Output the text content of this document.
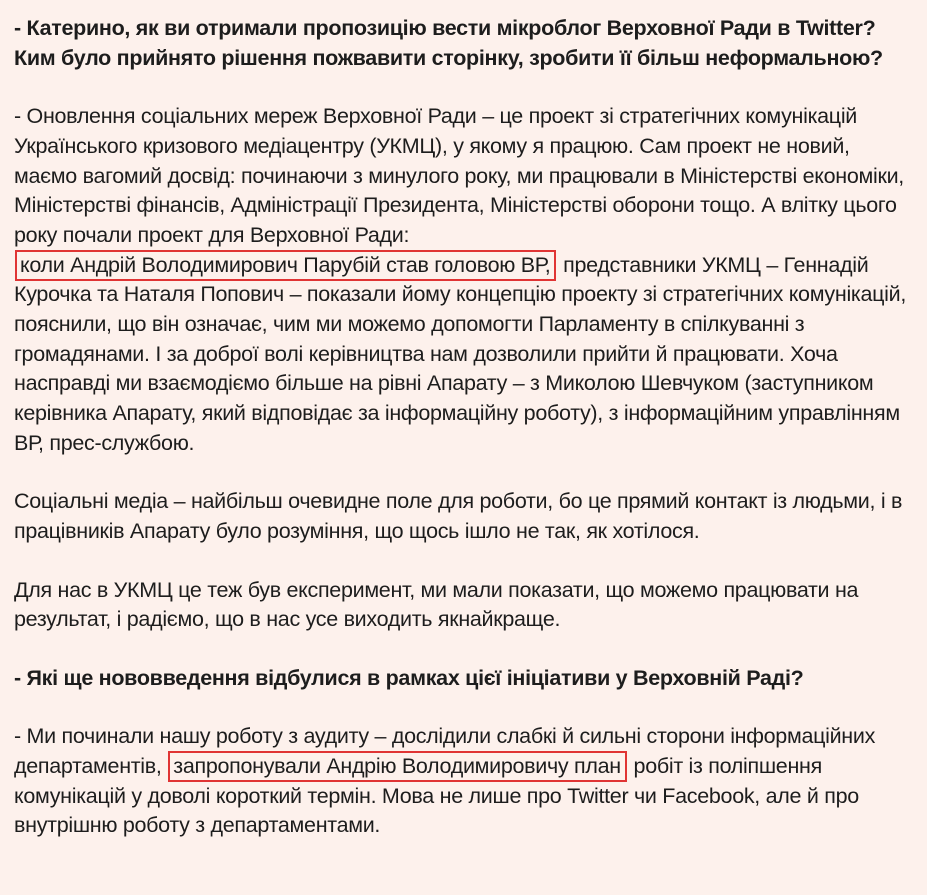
- Катерино, як ви отримали пропозицію вести мікроблог Верховної Ради в Twitter? Ким було прийнято рішення пожвавити сторінку, зробити її більш неформальною?

- Оновлення соціальних мереж Верховної Ради – це проект зі стратегічних комунікацій Українського кризового медіацентру (УКМЦ), у якому я працюю. Сам проект не новий, маємо вагомий досвід: починаючи з минулого року, ми працювали в Міністерстві економіки, Міністерстві фінансів, Адміністрації Президента, Міністерстві оборони тощо. А влітку цього року почали проект для Верховної Ради: коли Андрій Володимирович Парубій став головою ВР, представники УКМЦ – Геннадій Курочка та Наталя Попович – показали йому концепцію проекту зі стратегічних комунікацій, пояснили, що він означає, чим ми можемо допомогти Парламенту в спілкуванні з громадянами. І за доброї волі керівництва нам дозволили прийти й працювати. Хоча насправді ми взаємодіємо більше на рівні Апарату – з Миколою Шевчуком (заступником керівника Апарату, який відповідає за інформаційну роботу), з інформаційним управлінням ВР, прес-службою.

Соціальні медіа – найбільш очевидне поле для роботи, бо це прямий контакт із людьми, і в працівників Апарату було розуміння, що щось ішло не так, як хотілося.

Для нас в УКМЦ це теж був експеримент, ми мали показати, що можемо працювати на результат, і радіємо, що в нас усе виходить якнайкраще.

- Які ще нововведення відбулися в рамках цієї ініціативи у Верховній Раді?

- Ми починали нашу роботу з аудиту – дослідили слабкі й сильні сторони інформаційних департаментів, запропонували Андрію Володимировичу план робіт із поліпшення комунікацій у доволі короткий термін. Мова не лише про Twitter чи Facebook, але й про внутрішню роботу з департаментами.
